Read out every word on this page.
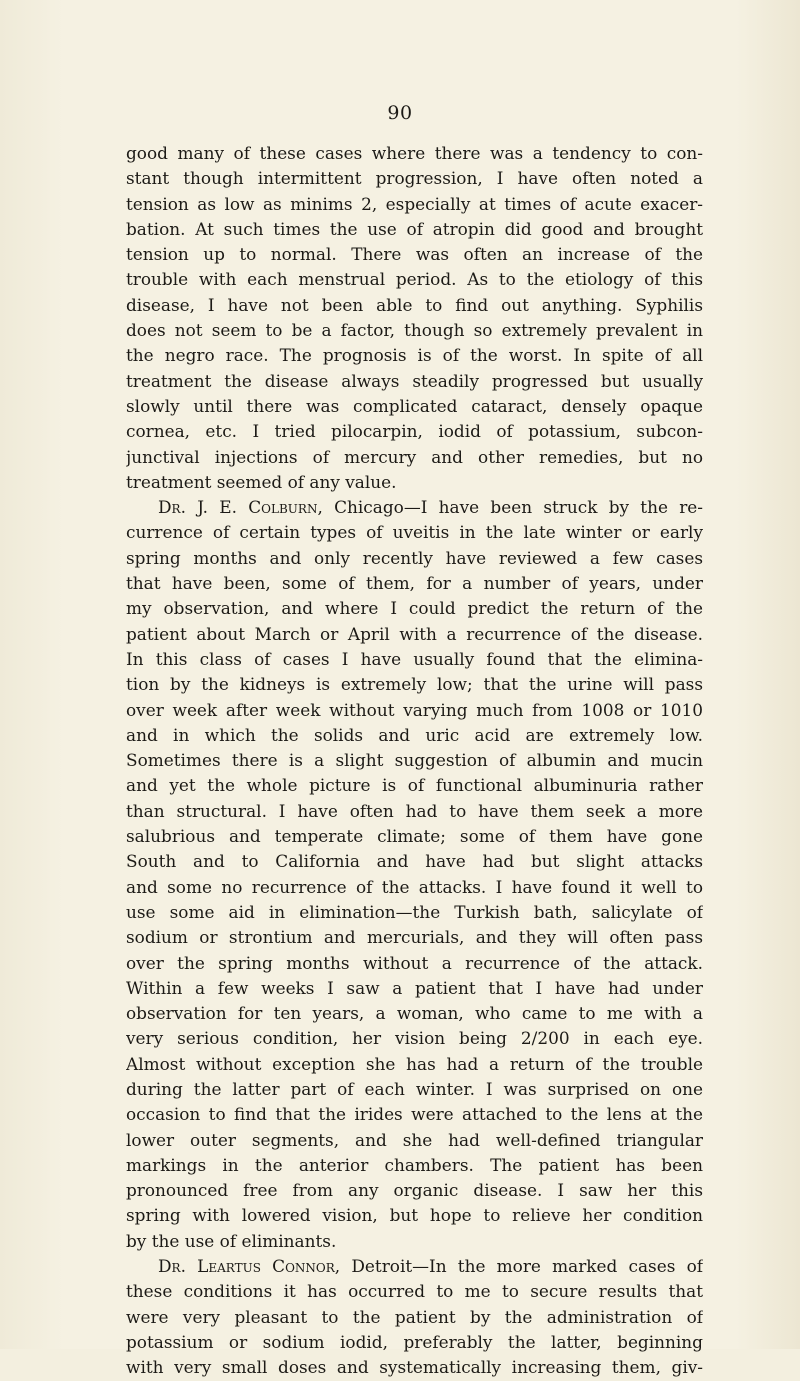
90
good many of these cases where there was a tendency to con-
stant though intermittent progression, I have often noted a
tension as low as minims 2, especially at times of acute exacer-
bation. At such times the use of atropin did good and brought
tension up to normal. There was often an increase of the
trouble with each menstrual period. As to the etiology of this
disease, I have not been able to find out anything. Syphilis
does not seem to be a factor, though so extremely prevalent in
the negro race. The prognosis is of the worst. In spite of all
treatment the disease always steadily progressed but usually
slowly until there was complicated cataract, densely opaque
cornea, etc. I tried pilocarpin, iodid of potassium, subcon-
junctival injections of mercury and other remedies, but no
treatment seemed of any value.
Dr. J. E. Colburn, Chicago—I have been struck by the re-
currence of certain types of uveitis in the late winter or early
spring months and only recently have reviewed a few cases
that have been, some of them, for a number of years, under
my observation, and where I could predict the return of the
patient about March or April with a recurrence of the disease.
In this class of cases I have usually found that the elimina-
tion by the kidneys is extremely low; that the urine will pass
over week after week without varying much from 1008 or 1010
and in which the solids and uric acid are extremely low.
Sometimes there is a slight suggestion of albumin and mucin
and yet the whole picture is of functional albuminuria rather
than structural. I have often had to have them seek a more
salubrious and temperate climate; some of them have gone
South and to California and have had but slight attacks
and some no recurrence of the attacks. I have found it well to
use some aid in elimination—the Turkish bath, salicylate of
sodium or strontium and mercurials, and they will often pass
over the spring months without a recurrence of the attack.
Within a few weeks I saw a patient that I have had under
observation for ten years, a woman, who came to me with a
very serious condition, her vision being 2/200 in each eye.
Almost without exception she has had a return of the trouble
during the latter part of each winter. I was surprised on one
occasion to find that the irides were attached to the lens at the
lower outer segments, and she had well-defined triangular
markings in the anterior chambers. The patient has been
pronounced free from any organic disease. I saw her this
spring with lowered vision, but hope to relieve her condition
by the use of eliminants.
Dr. Leartus Connor, Detroit—In the more marked cases of
these conditions it has occurred to me to secure results that
were very pleasant to the patient by the administration of
potassium or sodium iodid, preferably the latter, beginning
with very small doses and systematically increasing them, giv-
